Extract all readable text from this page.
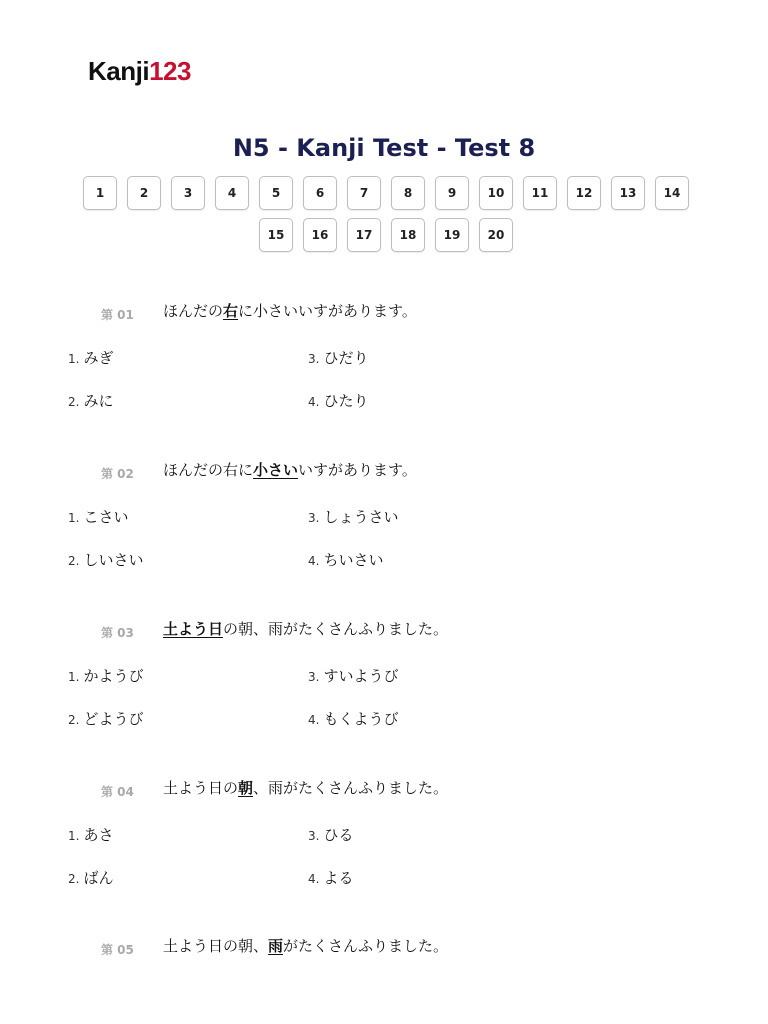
Kanji123
N5 - Kanji Test - Test 8
1	2	3	4	5	6	7	8	9	10	11	12	13	14
15	16	17	18	19	20
第 01 ほんだの右に小さいいすがあります。
1. みぎ
2. みに
3. ひだり
4. ひたり
第 02 ほんだの右に小さいいすがあります。
1. こさい
2. しいさい
3. しょうさい
4. ちいさい
第 03 土よう日の朝、雨がたくさんふりました。
1. かようび
2. どようび
3. すいようび
4. もくようび
第 04 土よう日の朝、雨がたくさんふりました。
1. あさ
2. ばん
3. ひる
4. よる
第 05 土よう日の朝、雨がたくさんふりました。
